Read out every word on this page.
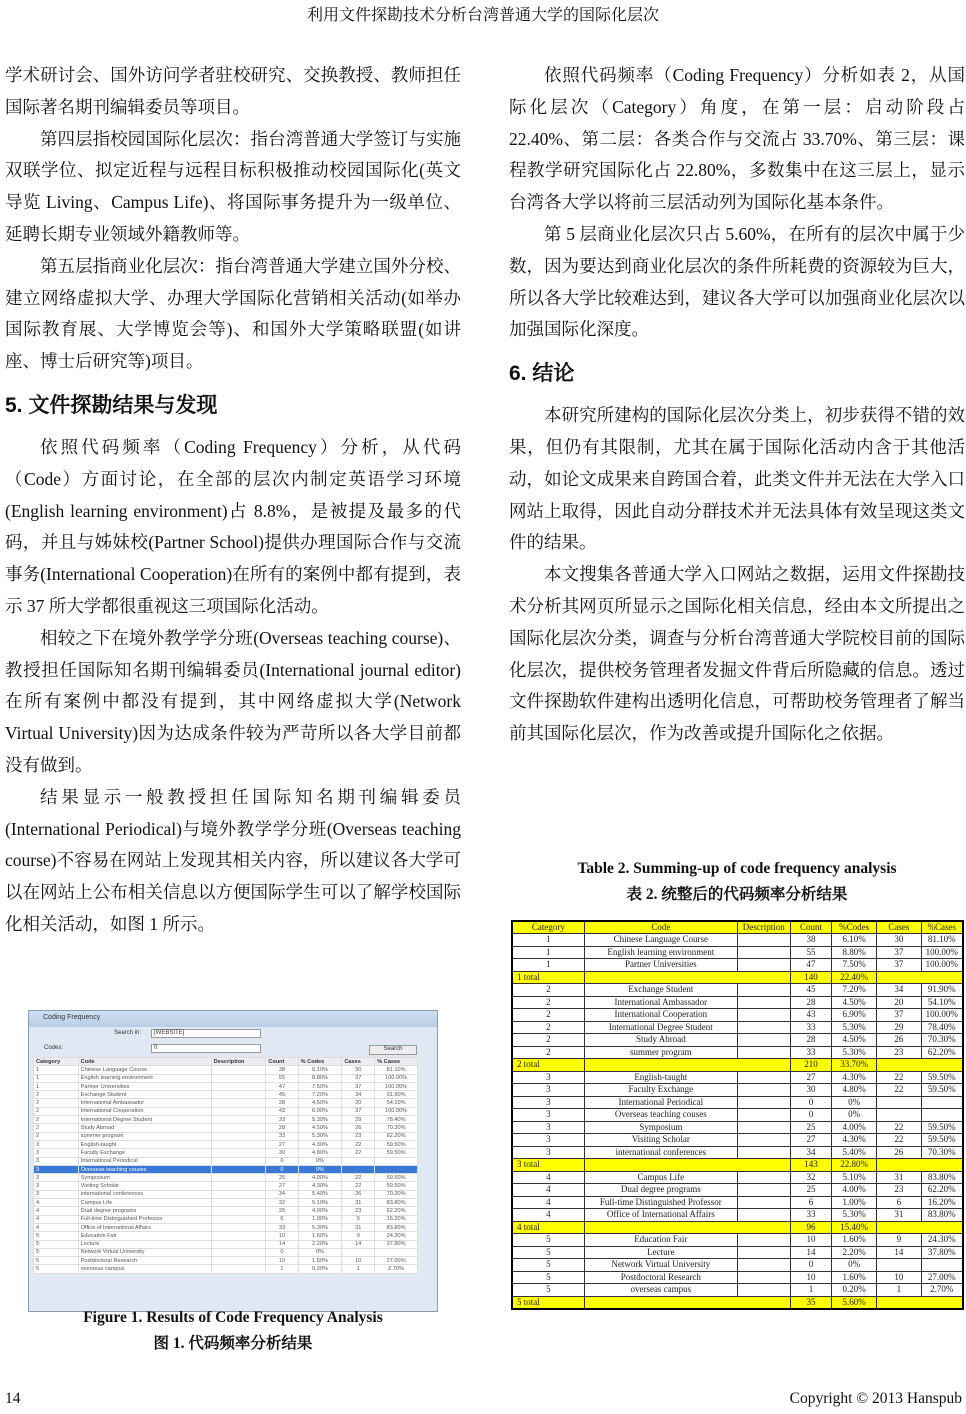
利用文件探勘技术分析台湾普通大学的国际化层次

学术研讨会、国外访问学者驻校研究、交换教授、教师担任国际著名期刊编辑委员等项目。

第四层指校园国际化层次：指台湾普通大学签订与实施双联学位、拟定近程与远程目标积极推动校园国际化(英文导览 Living、Campus Life)、将国际事务提升为一级单位、延聘长期专业领域外籍教师等。

第五层指商业化层次：指台湾普通大学建立国外分校、建立网络虚拟大学、办理大学国际化营销相关活动(如举办国际教育展、大学博览会等)、和国外大学策略联盟(如讲座、博士后研究等)项目。

5. 文件探勘结果与发现

依照代码频率（Coding Frequency）分析，从代码（Code）方面讨论，在全部的层次内制定英语学习环境(English learning environment)占 8.8%，是被提及最多的代码，并且与姊妹校(Partner School)提供办理国际合作与交流事务(International Cooperation)在所有的案例中都有提到，表示 37 所大学都很重视这三项国际化活动。

相较之下在境外教学学分班(Overseas teaching course)、教授担任国际知名期刊编辑委员(International journal editor)在所有案例中都没有提到，其中网络虚拟大学(Network Virtual University)因为达成条件较为严苛所以各大学目前都没有做到。

结果显示一般教授担任国际知名期刊编辑委员(International Periodical)与境外教学学分班(Overseas teaching course)不容易在网站上发现其相关内容，所以建议各大学可以在网站上公布相关信息以方便国际学生可以了解学校国际化相关活动，如图 1 所示。

依照代码频率（Coding Frequency）分析如表 2，从国际化层次（Category）角度，在第一层：启动阶段占 22.40%、第二层：各类合作与交流占 33.70%、第三层：课程教学研究国际化占 22.80%，多数集中在这三层上，显示台湾各大学以将前三层活动列为国际化基本条件。

第 5 层商业化层次只占 5.60%，在所有的层次中属于少数，因为要达到商业化层次的条件所耗费的资源较为巨大，所以各大学比较难达到，建议各大学可以加强商业化层次以加强国际化深度。

6. 结论

本研究所建构的国际化层次分类上，初步获得不错的效果，但仍有其限制，尤其在属于国际化活动内含于其他活动，如论文成果来自跨国合着，此类文件并无法在大学入口网站上取得，因此自动分群技术并无法具体有效呈现这类文件的结果。

本文搜集各普通大学入口网站之数据，运用文件探勘技术分析其网页所显示之国际化相关信息，经由本文所提出之国际化层次分类，调查与分析台湾普通大学院校目前的国际化层次，提供校务管理者发掘文件背后所隐藏的信息。透过文件探勘软件建构出透明化信息，可帮助校务管理者了解当前其国际化层次，作为改善或提升国际化之依据。

Coding Frequency
Search in:	[WEBSITE]
Codes:	0	Search
Category	Code	Description	Count	% Codes	Cases	% Cases
1	Chinese Language Course		38	6.10%	30	81.10%
1	English learning environment		55	8.80%	37	100.00%
1	Partner Universities		47	7.50%	37	100.00%
2	Exchange Student		45	7.20%	34	91.90%
2	International Ambassador		28	4.50%	20	54.10%
2	International Cooperation		43	6.90%	37	100.00%
2	International Degree Student		33	5.30%	29	78.40%
2	Study Abroad		28	4.50%	26	70.30%
2	summer program		33	5.30%	23	62.20%
3	English-taught		27	4.30%	22	59.50%
3	Faculty Exchange		30	4.80%	22	59.50%
3	International Periodical		0	0%		
3	Overseas teaching couses		0	0%		
3	Symposium		25	4.00%	22	59.50%
3	Visiting Scholar		27	4.30%	22	59.50%
3	international conferences		34	5.40%	26	70.30%
4	Campus Life		32	5.10%	31	83.80%
4	Dual degree programs		25	4.00%	23	62.20%
4	Full-time Distinguished Professor		6	1.00%	6	16.20%
4	Office of International Affairs		33	5.30%	31	83.80%
5	Education Fair		10	1.60%	9	24.30%
5	Lecture		14	2.20%	14	37.80%
5	Network Virtual University		0	0%		
5	Postdoctoral Research		10	1.60%	10	27.00%
5	overseas campus		1	0.20%	1	2.70%
Figure 1. Results of Code Frequency Analysis
图 1. 代码频率分析结果
Table 2. Summing-up of code frequency analysis
表 2. 统整后的代码频率分析结果
Category	Code	Description	Count	%Codes	Cases	%Cases
1	Chinese Language Course		38	6.10%	30	81.10%
1	English learning environment		55	8.80%	37	100.00%
1	Partner Universities		47	7.50%	37	100.00%
1 total			140	22.40%		
2	Exchange Student		45	7.20%	34	91.90%
2	International Ambassador		28	4.50%	20	54.10%
2	International Cooperation		43	6.90%	37	100.00%
2	International Degree Student		33	5.30%	29	78.40%
2	Study Abroad		28	4.50%	26	70.30%
2	summer program		33	5.30%	23	62.20%
2 total			210	33.70%		
3	English-taught		27	4.30%	22	59.50%
3	Faculty Exchange		30	4.80%	22	59.50%
3	International Periodical		0	0%		
3	Overseas teaching couses		0	0%		
3	Symposium		25	4.00%	22	59.50%
3	Visiting Scholar		27	4.30%	22	59.50%
3	international conferences		34	5.40%	26	70.30%
3 total			143	22.80%		
4	Campus Life		32	5.10%	31	83.80%
4	Dual degree programs		25	4.00%	23	62.20%
4	Full-time Distinguished Professor		6	1.00%	6	16.20%
4	Office of International Affairs		33	5.30%	31	83.80%
4 total			96	15.40%		
5	Education Fair		10	1.60%	9	24.30%
5	Lecture		14	2.20%	14	37.80%
5	Network Virtual University		0	0%		
5	Postdoctoral Research		10	1.60%	10	27.00%
5	overseas campus		1	0.20%	1	2.70%
5 total			35	5.60%		
14	Copyright © 2013 Hanspub
